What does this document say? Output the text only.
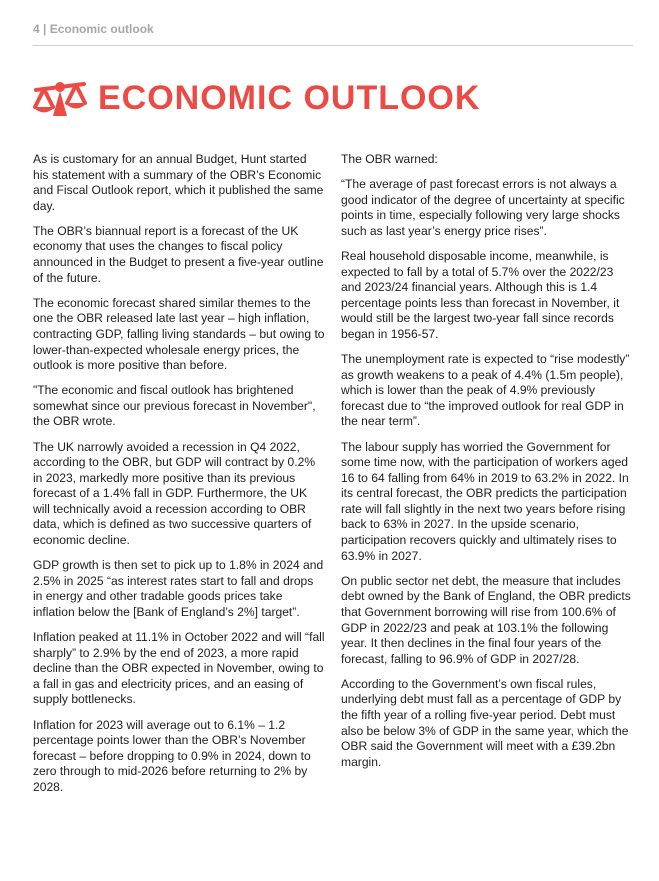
4 | Economic outlook
ECONOMIC OUTLOOK

As is customary for an annual Budget, Hunt started his statement with a summary of the OBR’s Economic and Fiscal Outlook report, which it published the same day.

The OBR’s biannual report is a forecast of the UK economy that uses the changes to fiscal policy announced in the Budget to present a five-year outline of the future.

The economic forecast shared similar themes to the one the OBR released late last year – high inflation, contracting GDP, falling living standards – but owing to lower-than-expected wholesale energy prices, the outlook is more positive than before.

"The economic and fiscal outlook has brightened somewhat since our previous forecast in November", the OBR wrote.

The UK narrowly avoided a recession in Q4 2022, according to the OBR, but GDP will contract by 0.2% in 2023, markedly more positive than its previous forecast of a 1.4% fall in GDP. Furthermore, the UK will technically avoid a recession according to OBR data, which is defined as two successive quarters of economic decline.

GDP growth is then set to pick up to 1.8% in 2024 and 2.5% in 2025 “as interest rates start to fall and drops in energy and other tradable goods prices take inflation below the [Bank of England’s 2%] target”.

Inflation peaked at 11.1% in October 2022 and will “fall sharply” to 2.9% by the end of 2023, a more rapid decline than the OBR expected in November, owing to a fall in gas and electricity prices, and an easing of supply bottlenecks.

Inflation for 2023 will average out to 6.1% – 1.2 percentage points lower than the OBR’s November forecast – before dropping to 0.9% in 2024, down to zero through to mid-2026 before returning to 2% by 2028.

The OBR warned:

“The average of past forecast errors is not always a good indicator of the degree of uncertainty at specific points in time, especially following very large shocks such as last year’s energy price rises”.

Real household disposable income, meanwhile, is expected to fall by a total of 5.7% over the 2022/23 and 2023/24 financial years. Although this is 1.4 percentage points less than forecast in November, it would still be the largest two-year fall since records began in 1956-57.

The unemployment rate is expected to “rise modestly” as growth weakens to a peak of 4.4% (1.5m people), which is lower than the peak of 4.9% previously forecast due to “the improved outlook for real GDP in the near term”.

The labour supply has worried the Government for some time now, with the participation of workers aged 16 to 64 falling from 64% in 2019 to 63.2% in 2022. In its central forecast, the OBR predicts the participation rate will fall slightly in the next two years before rising back to 63% in 2027. In the upside scenario, participation recovers quickly and ultimately rises to 63.9% in 2027.

On public sector net debt, the measure that includes debt owned by the Bank of England, the OBR predicts that Government borrowing will rise from 100.6% of GDP in 2022/23 and peak at 103.1% the following year. It then declines in the final four years of the forecast, falling to 96.9% of GDP in 2027/28.

According to the Government’s own fiscal rules, underlying debt must fall as a percentage of GDP by the fifth year of a rolling five-year period. Debt must also be below 3% of GDP in the same year, which the OBR said the Government will meet with a £39.2bn margin.
